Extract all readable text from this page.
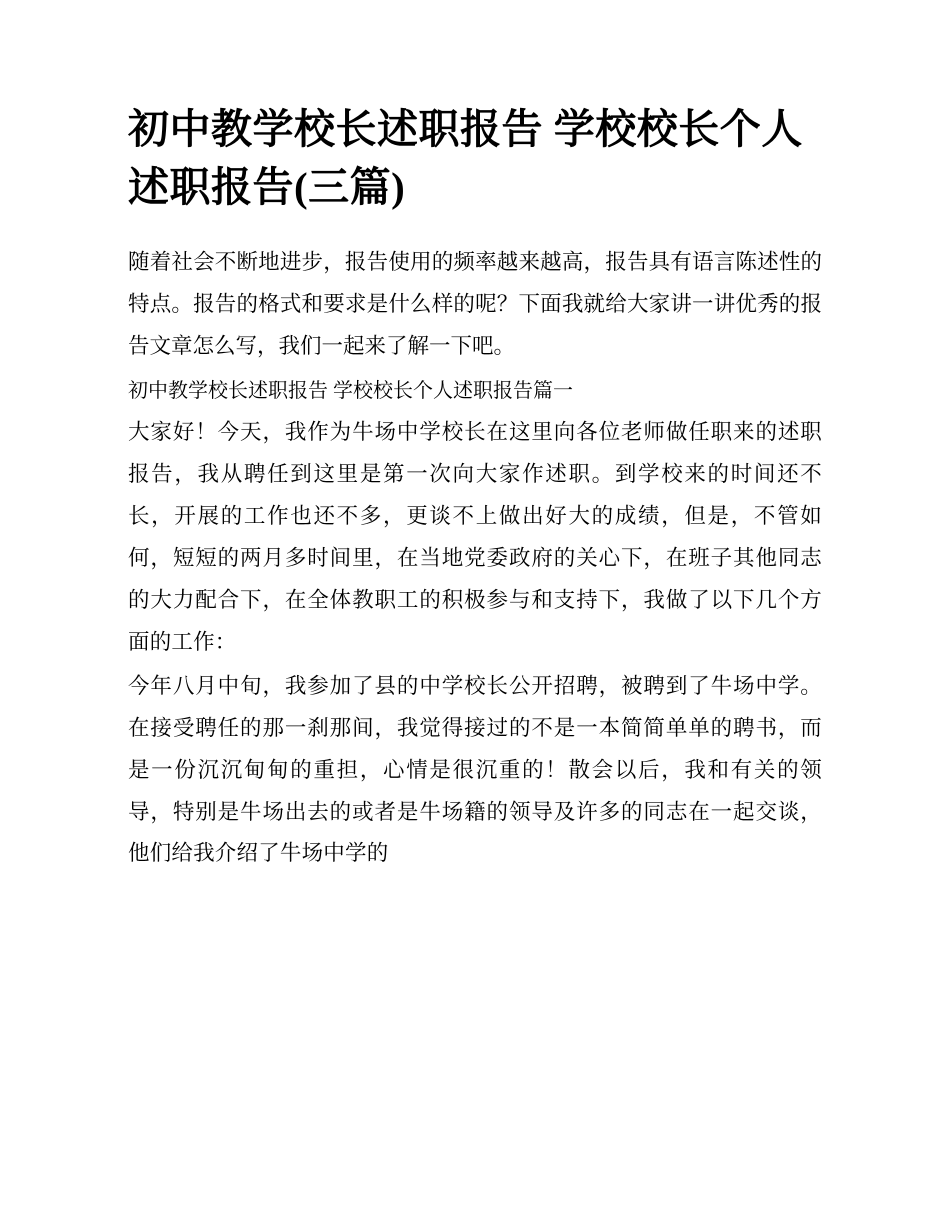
初中教学校长述职报告 学校校长个人述职报告(三篇)

随着社会不断地进步，报告使用的频率越来越高，报告具有语言陈述性的特点。报告的格式和要求是什么样的呢？下面我就给大家讲一讲优秀的报告文章怎么写，我们一起来了解一下吧。

初中教学校长述职报告 学校校长个人述职报告篇一

大家好！今天，我作为牛场中学校长在这里向各位老师做任职来的述职报告，我从聘任到这里是第一次向大家作述职。到学校来的时间还不长，开展的工作也还不多，更谈不上做出好大的成绩，但是，不管如何，短短的两月多时间里，在当地党委政府的关心下，在班子其他同志的大力配合下，在全体教职工的积极参与和支持下，我做了以下几个方面的工作：

今年八月中旬，我参加了县的中学校长公开招聘，被聘到了牛场中学。在接受聘任的那一刹那间，我觉得接过的不是一本简简单单的聘书，而是一份沉沉甸甸的重担，心情是很沉重的！散会以后，我和有关的领导，特别是牛场出去的或者是牛场籍的领导及许多的同志在一起交谈，他们给我介绍了牛场中学的
